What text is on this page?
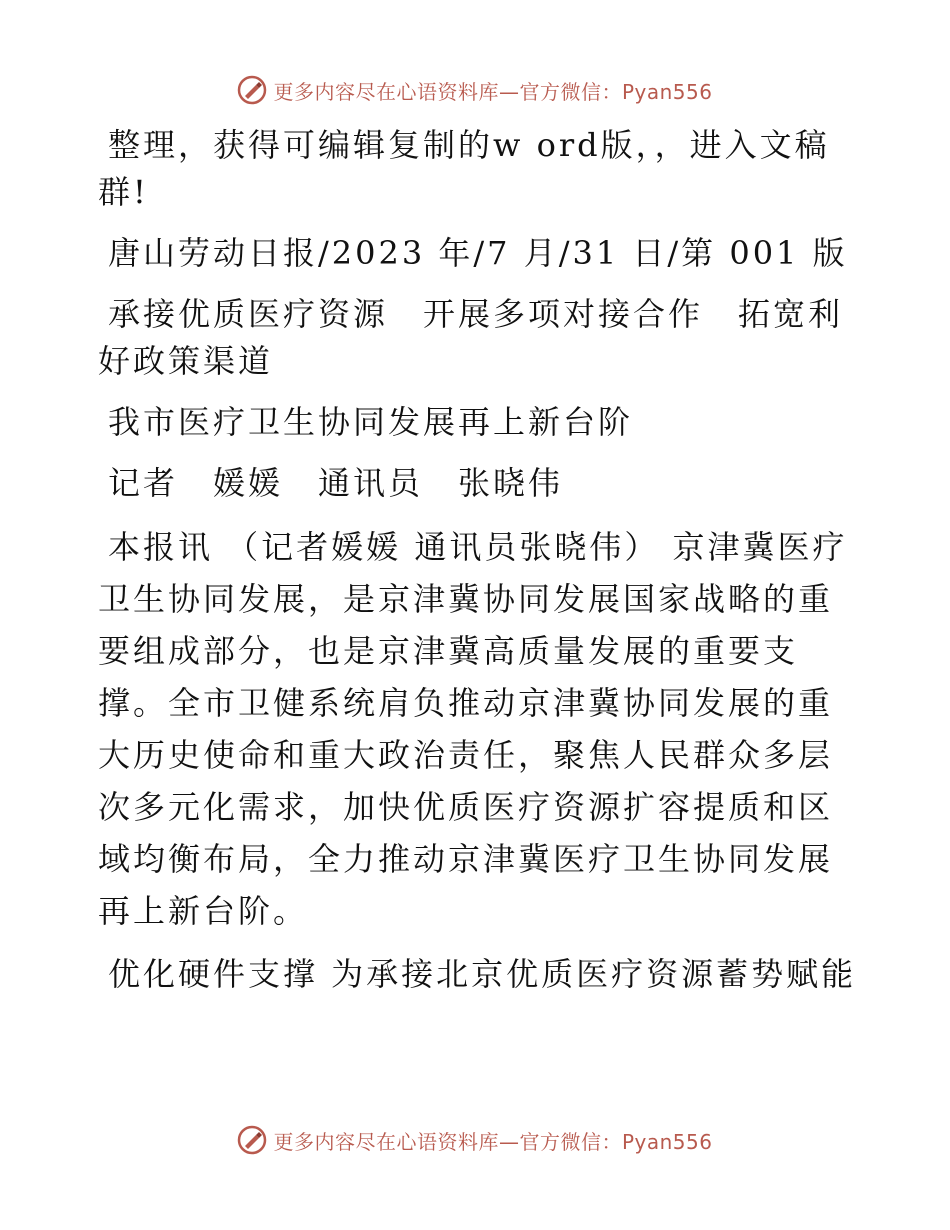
更多内容尽在心语资料库—官方微信：Pyan556

整理，获得可编辑复制的w ord版，，进入文稿群!

唐山劳动日报/2023 年/7 月/31 日/第 001 版

承接优质医疗资源　开展多项对接合作　拓宽利好政策渠道

我市医疗卫生协同发展再上新台阶

记者　媛媛　通讯员　张晓伟

本报讯 （记者媛媛 通讯员张晓伟） 京津冀医疗卫生协同发展，是京津冀协同发展国家战略的重要组成部分，也是京津冀高质量发展的重要支撑。全市卫健系统肩负推动京津冀协同发展的重大历史使命和重大政治责任，聚焦人民群众多层次多元化需求，加快优质医疗资源扩容提质和区域均衡布局，全力推动京津冀医疗卫生协同发展再上新台阶。

优化硬件支撑 为承接北京优质医疗资源蓄势赋能

更多内容尽在心语资料库—官方微信：Pyan556
